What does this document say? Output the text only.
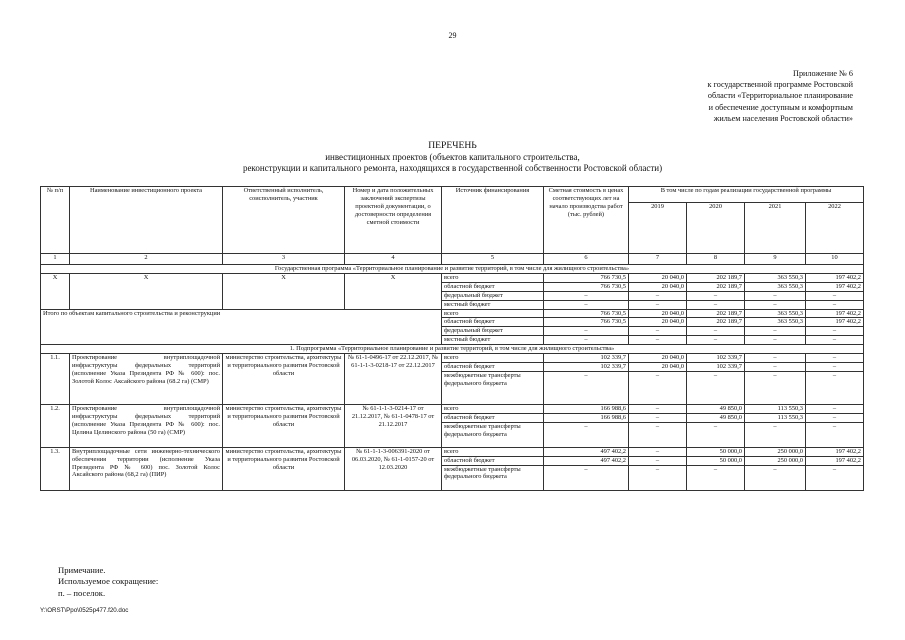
29
Приложение № 6
к государственной программе Ростовской
области «Территориальное планирование
и обеспечение доступным и комфортным
жильем населения Ростовской области»
ПЕРЕЧЕНЬ
инвестиционных проектов (объектов капитального строительства,
реконструкции и капитального ремонта, находящихся в государственной собственности Ростовской области)
№ п/п	Наименование инвестиционного проекта	Ответственный исполнитель, соисполнитель, участник	Номер и дата положительных заключений экспертизы проектной документации, о достоверности определения сметной стоимости	Источник финансирования	Сметная стоимость в ценах соответствующих лет на начало производства работ (тыс. рублей)	В том числе по годам реализации государственной программы			
						2019	2020	2021	2022
1	2	3	4	5	6	7	8	9	10
Государственная программа «Территориальное планирование и развитие территорий, в том числе для жилищного строительства»									
Х	Х	Х	Х	всего	766 730,5	20 040,0	202 189,7	363 550,3	197 402,2
				областной бюджет	766 730,5	20 040,0	202 189,7	363 550,3	197 402,2
				федеральный бюджет	–	–	–	–	–
				местный бюджет	–	–	–	–	–
Итого по объектам капитального строительства и реконструкции				всего	766 730,5	20 040,0	202 189,7	363 550,3	197 402,2
				областной бюджет	766 730,5	20 040,0	202 189,7	363 550,3	197 402,2
				федеральный бюджет	–	–	–	–	–
				местный бюджет	–	–	–	–	–
1. Подпрограмма «Территориальное планирование и развитие территорий, в том числе для жилищного строительства»									
1.1.	Проектирование внутриплощадочной инфраструктуры федеральных территорий (исполнение Указа Президента РФ № 600): пос. Золотой Колос Аксайского района (68.2 га) (СМР)	министерство строительства, архитектуры и территориального развития Ростовской области	№ 61-1-0496-17 от 22.12.2017, № 61-1-1-3-0218-17 от 22.12.2017	всего	102 339,7	20 040,0	102 339,7	–	–
				областной бюджет	102 339,7	20 040,0	102 339,7	–	–
				межбюджетные трансферты федерального бюджета	–	–	–	–	–
1.2.	Проектирование внутриплощадочной инфраструктуры федеральных территорий (исполнение Указа Президента РФ № 600): пос. Целина Целинского района (50 га) (СМР)	министерство строительства, архитектуры и территориального развития Ростовской области	№ 61-1-1-3-0214-17 от 21.12.2017, № 61-1-0478-17 от 21.12.2017	всего	166 988,6	–	49 850,0	113 550,3	–
				областной бюджет	166 988,6	–	49 850,0	113 550,3	–
				межбюджетные трансферты федерального бюджета	–	–	–	–	–
1.3.	Внутриплощадочные сети инженерно-технического обеспечения территории (исполнение Указа Президента РФ № 600) пос. Золотой Колос Аксайского района (68,2 га) (ПИР)	министерство строительства, архитектуры и территориального развития Ростовской области	№ 61-1-1-3-006391-2020 от 06.03.2020, № 61-1-0157-20 от 12.03.2020	всего	497 402,2	–	50 000,0	250 000,0	197 402,2
				областной бюджет	497 402,2	–	50 000,0	250 000,0	197 402,2
				межбюджетные трансферты федерального бюджета	–	–	–	–	–
Примечание.
Используемое сокращение:
п. – поселок.
Y:\ORST\Ppo\0525p477.f20.doc
